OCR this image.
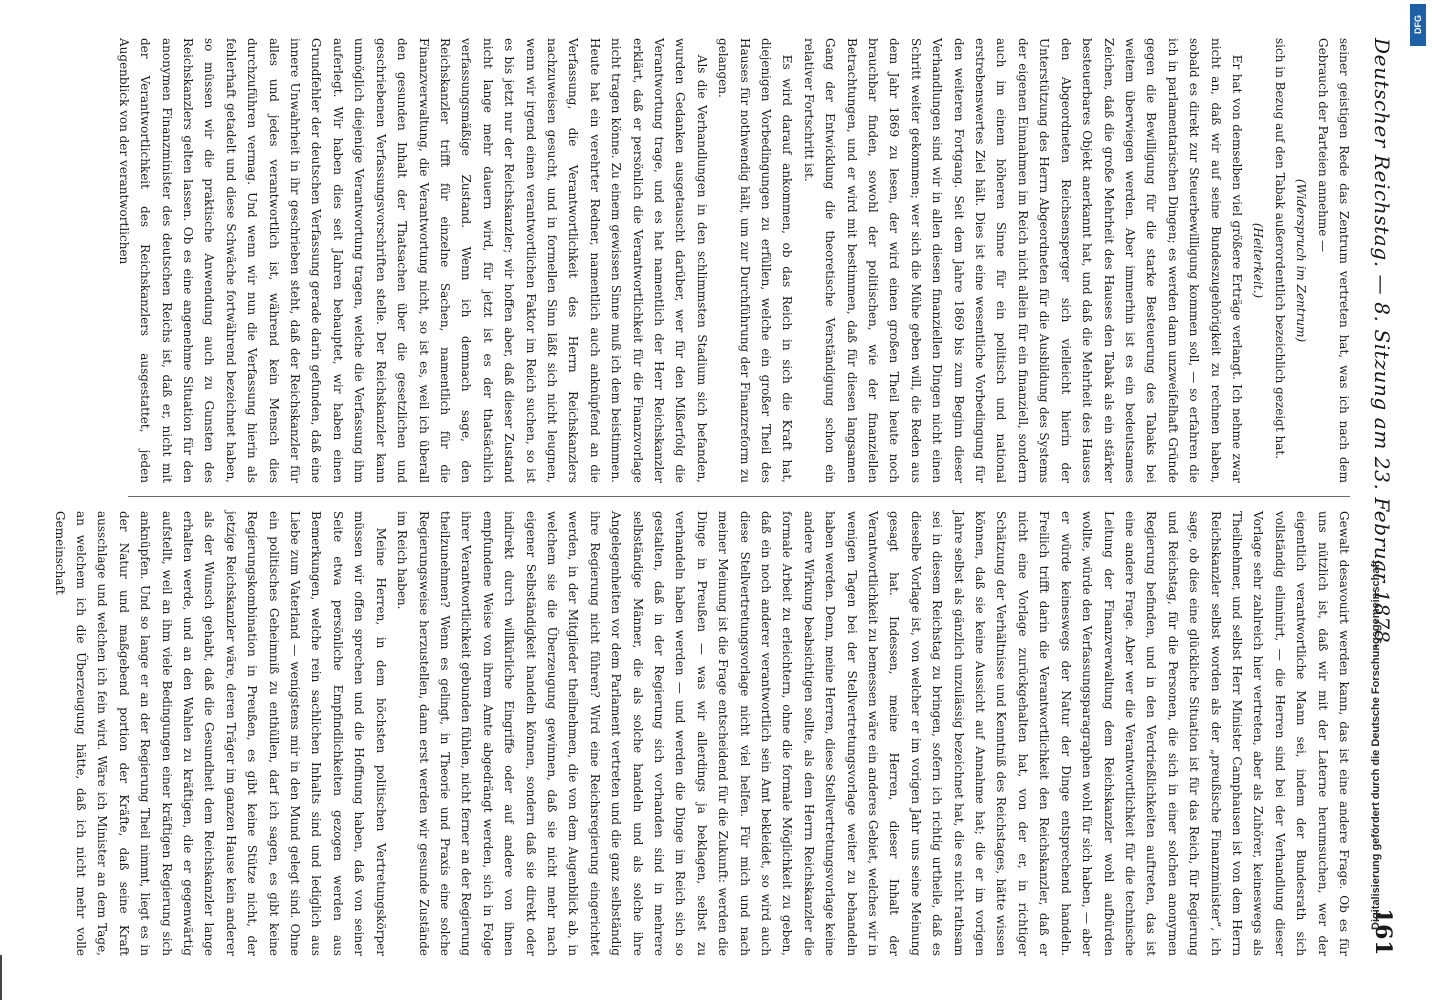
Deutscher Reichstag. — 8. Sitzung am 23. Februar 1878.
161

seiner geistigen Rede das Zentrum vertreten hat, was ich nach dem Gebrauch der Parteien annehme —

(Widerspruch im Zentrum)

sich in Bezug auf den Tabak außerordentlich bezeichlich gezeigt hat.

(Heiterkeit.)

Er hat von demselben viel größere Erträge verlangt. Ich nehme zwar nicht an, daß wir auf seine Bundeszugehörigkeit zu rechnen haben, sobald es direkt zur Steuerbewilligung kommen soll, — so erfahren die ich in parlamentarischen Dingen; es werden dann unzweifelhaft Gründe gegen die Bewilligung für die starke Besteuerung des Tabaks bei weitem überwiegen werden. Aber immerhin ist es ein bedeutsames Zeichen, daß die große Mehrheit des Hauses den Tabak als ein stärker besteuerbares Objekt anerkannt hat, und daß die Mehrheit des Hauses den Abgeordneten Reichsensperger sich vielleicht hierin der Unterstützung des Herrn Abgeordneten für die Ausbildung des Systems der eigenen Einnahmen im Reich nicht allein für ein finanziell, sondern auch im einem höheren Sinne für ein politisch und national erstrebenswertes Ziel hält. Dies ist eine wesentliche Vorbedingung für den weiteren Fortgang. Seit dem Jahre 1869 bis zum Beginn dieser Verhandlungen sind wir in allen diesen finanziellen Dingen nicht einen Schritt weiter gekommen; wer sich die Mühe geben will, die Reden aus dem Jahr 1869 zu lesen, der wird einen großen Theil heute noch brauchbar finden, sowohl der politischen, wie der finanziellen Betrachtungen, und er wird mit bestimmen, daß für diesen langsamen Gang der Entwicklung die theoretische Verständigung schon ein relativer Fortschritt ist.

Es wird darauf ankommen, ob das Reich in sich die Kraft hat, diejenigen Vorbedingungen zu erfüllen, welche ein großer Theil des Hauses für nothwendig hält, um zur Durchführung der Finanzreform zu gelangen.

Als die Verhandlungen in den schlimmsten Stadium sich befanden, wurden Gedanken ausgetauscht darüber, wer für den Mißerfolg die Verantwortung trage, und es hat namentlich der Herr Reichskanzler erklärt, daß er persönlich die Verantwortlichkeit für die Finanzvorlage nicht tragen könne. Zu einem gewissen Sinne muß ich dem beistimmen. Heute hat ein verehrter Redner, namentlich auch anknüpfend an die Verfassung, die Verantwortlichkeit des Herrn Reichskanzlers nachzuweisen gesucht, und in formellen Sinn läßt sich nicht leugnen, wenn wir irgend einen verantwortlichen Faktor im Reich suchen, so ist es bis jetzt nur der Reichskanzler; wir hoffen aber, daß dieser Zustand nicht lange mehr dauern wird, für jetzt ist es der thatsächlich verfassungsmäßige Zustand. Wenn ich demnach sage, den Reichskanzler trifft für einzelne Sachen, namentlich für die Finanzverwaltung, die Verantwortung nicht, so ist es, weil ich überall den gesunden Inhalt der Thatsachen über die gesetzlichen und geschriebenen Verfassungsvorschriften stelle. Der Reichskanzler kann unmöglich diejenige Verantwortung tragen, welche die Verfassung ihm auferlegt. Wir haben dies seit Jahren behauptet, wir haben einen Grundfehler der deutschen Verfassung gerade darin gefunden, daß eine innere Unwahrheit in ihr geschrieben steht, daß der Reichskanzler für alles und jedes verantwortlich ist, während kein Mensch dies durchzuführen vermag. Und wenn wir nun die Verfassung hierin als fehlerhaft getadelt und diese Schwäche fortwährend bezeichnet haben, so müssen wir die praktische Anwendung auch zu Gunsten des Reichskanzlers gelten lassen. Ob es eine angenehme Situation für den anonymen Finanzminister des deutschen Reichs ist, daß er, nicht mit der Verantwortlichkeit des Reichskanzlers ausgestattet, jeden Augenblick von der verantwortlichen

Gewalt desavouirt werden kann, das ist eine andere Frage. Ob es für uns nützlich ist, daß wir mit der Laterne herumsuchen, wer der eigentlich verantwortliche Mann sei, indem der Bundesrath sich vollständig eliminirt, — die Herren sind bei der Verhandlung dieser Vorlage sehr zahlreich hier vertreten, aber als Zuhörer, keineswegs als Theilnehmer, und selbst Herr Minister Camphausen ist von dem Herrn Reichskanzler selbst worden als der „preußische Finanzminister“, ich sage, ob dies eine glückliche Situation ist für das Reich, für Regierung und Reichstag, für die Personen, die sich in einer solchen anonymen Regierung befinden, und in den Verdrießlichkeiten auftreten, das ist eine andere Frage. Aber wer die Verantwortlichkeit für die technische Leitung der Finanzverwaltung dem Reichskanzler wohl aufbürden wollte, würde den Verfassungsparagraphen wohl für sich haben, — aber er würde keineswegs der Natur der Dinge entsprechend handeln. Freilich trifft darin die Verantwortlichkeit den Reichskanzler, daß er nicht eine Vorlage zurückgehalten hat, von der er, in richtiger Schätzung der Verhältnisse und Kenntniß des Reichstages, hätte wissen können, daß sie keine Aussicht auf Annahme hat; die er im vorigen Jahre selbst als gänzlich unzulässig bezeichnet hat, die es nicht rathsam sei in diesem Reichstag zu bringen, sofern ich richtig urtheile, daß es dieselbe Vorlage ist, von welcher er im vorigen Jahr uns seine Meinung gesagt hat. Indessen, meine Herren, dieser Inhalt der Verantwortlichkeit zu bemessen wäre ein anderes Gebiet, welches wir in wenigen Tagen bei der Stellvertretungsvorlage weiter zu behandeln haben werden. Denn, meine Herren, diese Stellvertretungsvorlage keine andere Wirkung beabsichtigen sollte, als dem Herrn Reichskanzler die formale Arbeit zu erleichtern, ohne die formale Möglichkeit zu geben, daß ein noch anderer verantwortlich sein Amt bekleidet, so wird auch diese Stellvertretungsvorlage nicht viel helfen. Für mich und nach meiner Meinung ist die Frage entscheidend für die Zukunft: werden die Dinge in Preußen — was wir allerdings ja beklagen, selbst zu verhandeln haben werden — und werden die Dinge im Reich sich so gestalten, daß in der Regierung sich vorhanden sind in mehrere selbständige Männer, die als solche handeln und als solche ihre Angelegenheiten vor dem Parlament vertreten und die ganz selbständig ihre Regierung nicht führen? Wird eine Reichsregierung eingerichtet werden, in der Mitglieder theilnehmen, die von dem Augenblick ab, in welchem sie die Überzeugung gewinnen, daß sie nicht mehr nach eigener Selbständigkeit handeln können, sondern daß sie direkt oder indirekt durch willkürliche Eingriffe oder auf andere von ihnen empfundene Weise von ihrem Amte abgedrängt werden, sich in Folge ihrer Verantwortlichkeit gebunden fühlen, nicht ferner an der Regierung theilzunehmen? Wenn es gelingt, in Theorie und Praxis eine solche Regierungsweise herzustellen, dann erst werden wir gesunde Zustände im Reich haben.

Meine Herren, in dem höchsten politischen Vertretungskörper müssen wir offen sprechen und die Hoffnung haben, daß von seiner Seite etwa persönliche Empfindlichkeiten gezogen werden aus Bemerkungen, welche rein sachlichen Inhalts sind und lediglich aus Liebe zum Vaterland — wenigstens mir in den Mund gelegt sind. Ohne ein politisches Geheimniß zu enthüllen, darf ich sagen, es gibt keine Regierungskombination in Preußen, es gibt keine Stütze nicht, der jetzige Reichskanzler wäre, deren Träger im ganzen Hause kein anderer als der Wunsch gehabt, daß die Gesundheit dem Reichskanzler lange erhalten werde, und an den Wahlen zu kräftigen, die er gegenwärtig aufstellt, weil an ihm viele Bedingungen einer kräftigen Regierung sich anknüpfen. Und so lange er an der Regierung Theil nimmt, liegt es in der Natur und maßgebend portion der Kräfte, daß seine Kraft ausschlage und welchen ich fein wird. Wäre ich Minister an dem Tage, an welchem ich die Überzeugung hätte, daß ich nicht mehr volle Gemeinschaft

DFG
Digitalisierung gefördert durch die Deutsche Forschungsgemeinschaft
